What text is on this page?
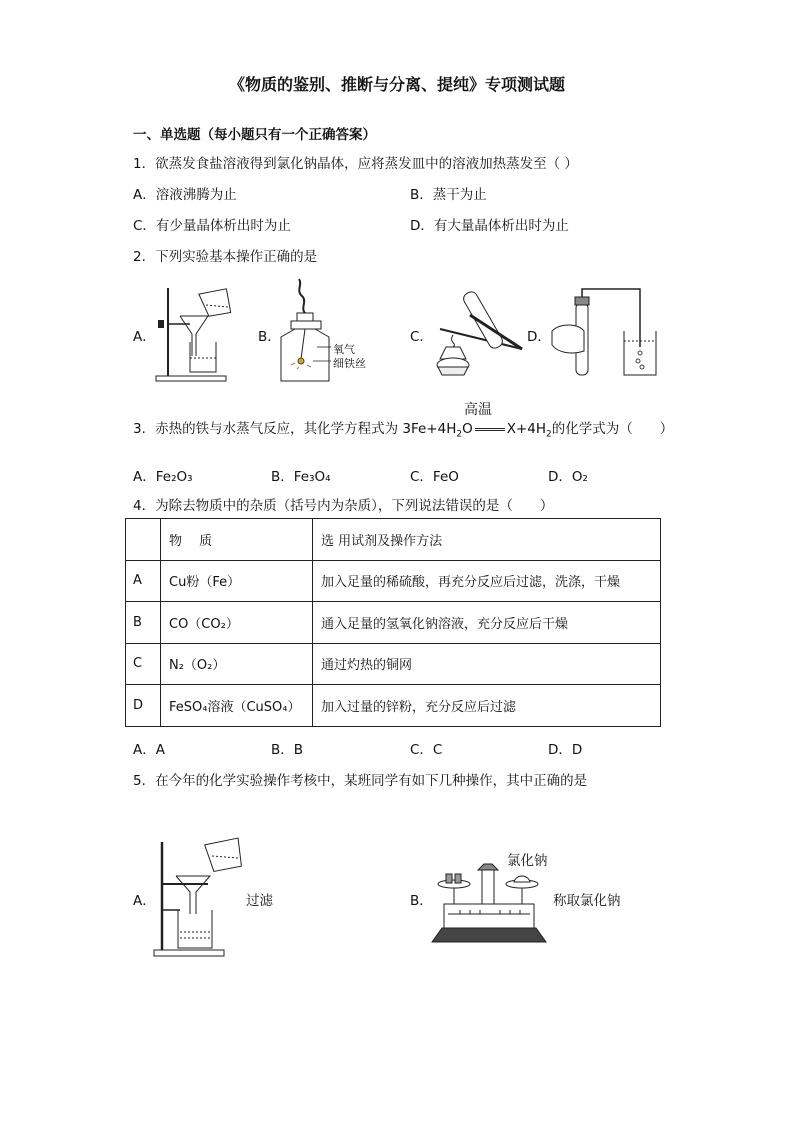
《物质的鉴别、推断与分离、提纯》专项测试题
一、单选题（每小题只有一个正确答案）
1．欲蒸发食盐溶液得到氯化钠晶体，应将蒸发皿中的溶液加热蒸发至（ ）
A．溶液沸腾为止	B．蒸干为止
C．有少量晶体析出时为止	D．有大量晶体析出时为止
2．下列实验基本操作正确的是
A．	B．	C．	D．
氧气
细铁丝
3．赤热的铁与水蒸气反应，其化学方程式为 $3Fe+4H_2O$	$X+4H_2$的化学式为（　　）
高温
A．Fe₂O₃	B．Fe₃O₄	C．FeO	D．O₂
4．为除去物质中的杂质（括号内为杂质），下列说法错误的是（　　）
	物　 质	选 用试剂及操作方法
A	Cu粉（Fe）	加入足量的稀硫酸，再充分反应后过滤，洗涤，干燥
B	CO（CO₂）	通入足量的氢氧化钠溶液，充分反应后干燥
C	N₂（O₂）	通过灼热的铜网
D	FeSO₄溶液（CuSO₄）	加入过量的锌粉，充分反应后过滤
A．A	B．B	C．C	D．D
5．在今年的化学实验操作考核中，某班同学有如下几种操作，其中正确的是
A．	B．
过滤
氯化钠
称取氯化钠
